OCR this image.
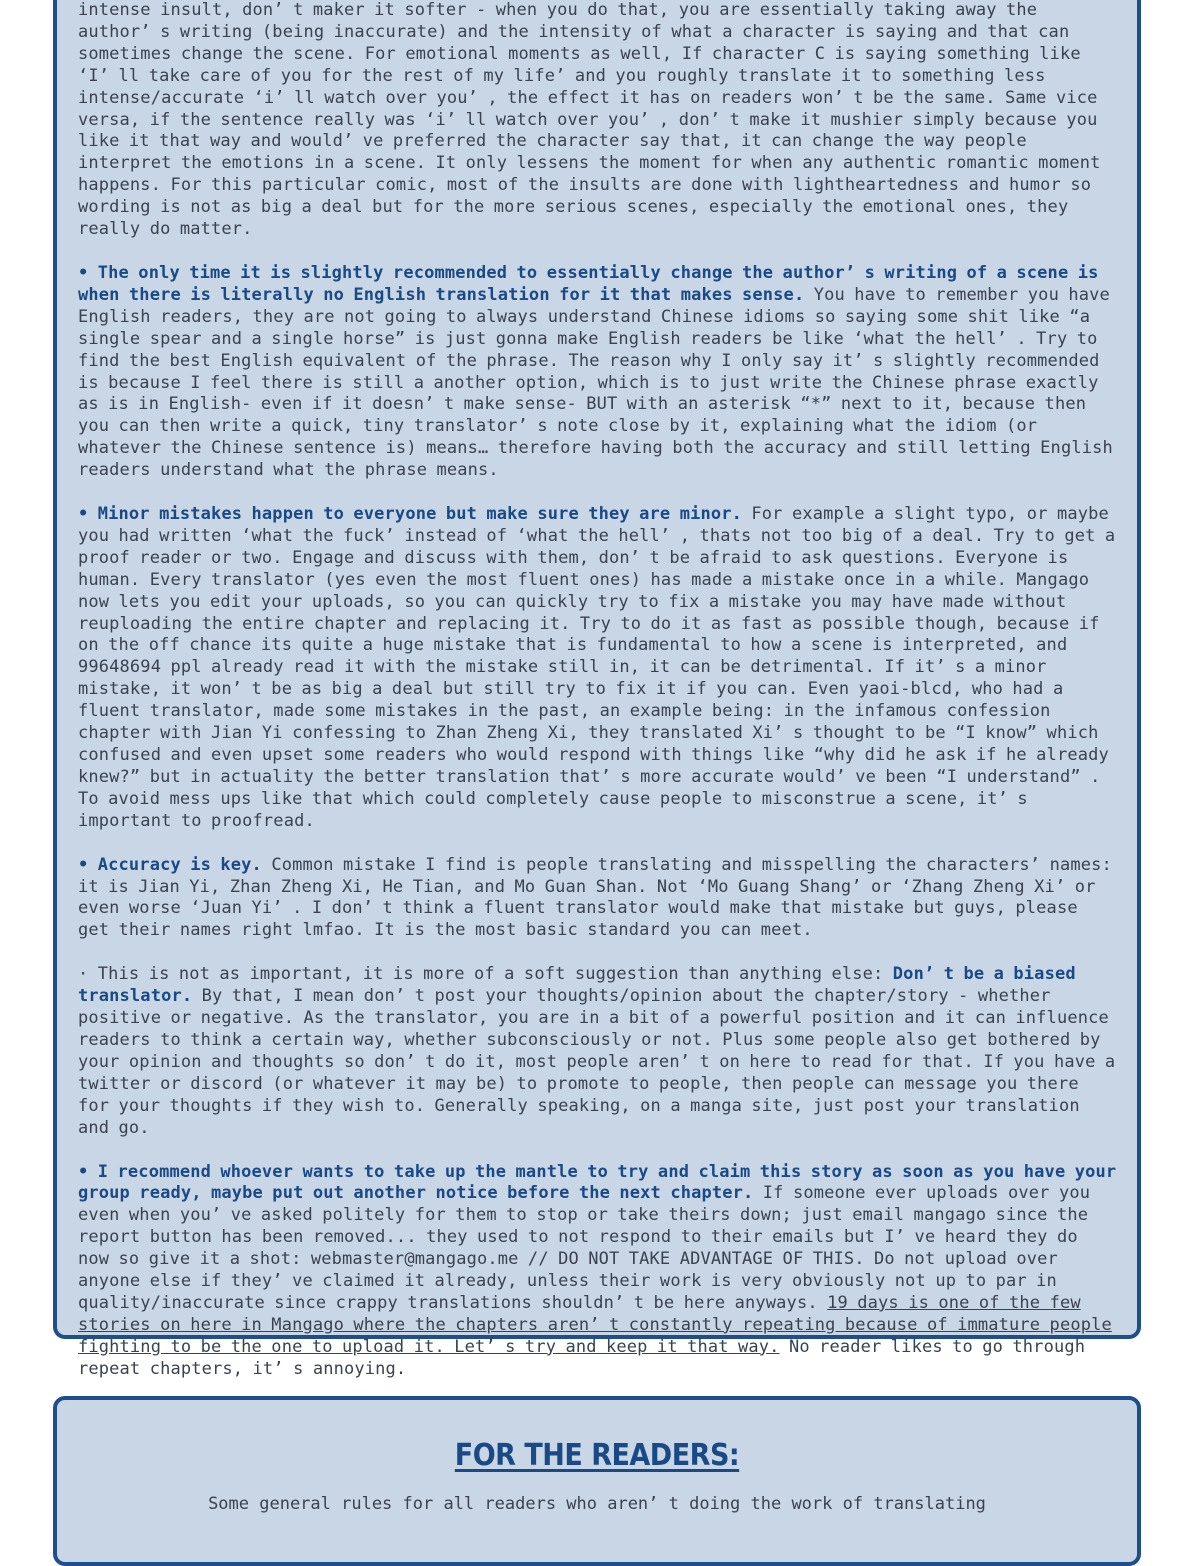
intense insult, don’ t maker it softer - when you do that, you are essentially taking away the author’ s writing (being inaccurate) and the intensity of what a character is saying and that can sometimes change the scene. For emotional moments as well, If character C is saying something like ‘I’ ll take care of you for the rest of my life’ and you roughly translate it to something less intense/accurate ‘i’ ll watch over you’ , the effect it has on readers won’ t be the same. Same vice versa, if the sentence really was ‘i’ ll watch over you’ , don’ t make it mushier simply because you like it that way and would’ ve preferred the character say that, it can change the way people interpret the emotions in a scene. It only lessens the moment for when any authentic romantic moment happens. For this particular comic, most of the insults are done with lightheartedness and humor so wording is not as big a deal but for the more serious scenes, especially the emotional ones, they really do matter.

• The only time it is slightly recommended to essentially change the author’ s writing of a scene is when there is literally no English translation for it that makes sense. You have to remember you have English readers, they are not going to always understand Chinese idioms so saying some shit like “a single spear and a single horse” is just gonna make English readers be like ‘what the hell’ . Try to find the best English equivalent of the phrase. The reason why I only say it’ s slightly recommended is because I feel there is still a another option, which is to just write the Chinese phrase exactly as is in English- even if it doesn’ t make sense- BUT with an asterisk “*” next to it, because then you can then write a quick, tiny translator’ s note close by it, explaining what the idiom (or whatever the Chinese sentence is) means… therefore having both the accuracy and still letting English readers understand what the phrase means.

• Minor mistakes happen to everyone but make sure they are minor. For example a slight typo, or maybe you had written ‘what the fuck’ instead of ‘what the hell’ , thats not too big of a deal. Try to get a proof reader or two. Engage and discuss with them, don’ t be afraid to ask questions. Everyone is human. Every translator (yes even the most fluent ones) has made a mistake once in a while. Mangago now lets you edit your uploads, so you can quickly try to fix a mistake you may have made without reuploading the entire chapter and replacing it. Try to do it as fast as possible though, because if on the off chance its quite a huge mistake that is fundamental to how a scene is interpreted, and 99648694 ppl already read it with the mistake still in, it can be detrimental. If it’ s a minor mistake, it won’ t be as big a deal but still try to fix it if you can. Even yaoi-blcd, who had a fluent translator, made some mistakes in the past, an example being: in the infamous confession chapter with Jian Yi confessing to Zhan Zheng Xi, they translated Xi’ s thought to be “I know” which confused and even upset some readers who would respond with things like “why did he ask if he already knew?” but in actuality the better translation that’ s more accurate would’ ve been “I understand” . To avoid mess ups like that which could completely cause people to misconstrue a scene, it’ s important to proofread.

• Accuracy is key. Common mistake I find is people translating and misspelling the characters’ names: it is Jian Yi, Zhan Zheng Xi, He Tian, and Mo Guan Shan. Not ‘Mo Guang Shang’ or ‘Zhang Zheng Xi’ or even worse ‘Juan Yi’ . I don’ t think a fluent translator would make that mistake but guys, please get their names right lmfao. It is the most basic standard you can meet.

· This is not as important, it is more of a soft suggestion than anything else: Don’ t be a biased translator. By that, I mean don’ t post your thoughts/opinion about the chapter/story - whether positive or negative. As the translator, you are in a bit of a powerful position and it can influence readers to think a certain way, whether subconsciously or not. Plus some people also get bothered by your opinion and thoughts so don’ t do it, most people aren’ t on here to read for that. If you have a twitter or discord (or whatever it may be) to promote to people, then people can message you there for your thoughts if they wish to. Generally speaking, on a manga site, just post your translation and go.

• I recommend whoever wants to take up the mantle to try and claim this story as soon as you have your group ready, maybe put out another notice before the next chapter. If someone ever uploads over you even when you’ ve asked politely for them to stop or take theirs down; just email mangago since the report button has been removed... they used to not respond to their emails but I’ ve heard they do now so give it a shot: webmaster@mangago.me // DO NOT TAKE ADVANTAGE OF THIS. Do not upload over anyone else if they’ ve claimed it already, unless their work is very obviously not up to par in quality/inaccurate since crappy translations shouldn’ t be here anyways. 19 days is one of the few stories on here in Mangago where the chapters aren’ t constantly repeating because of immature people fighting to be the one to upload it. Let’ s try and keep it that way. No reader likes to go through repeat chapters, it’ s annoying.

FOR THE READERS:
Some general rules for all readers who aren’ t doing the work of translating
